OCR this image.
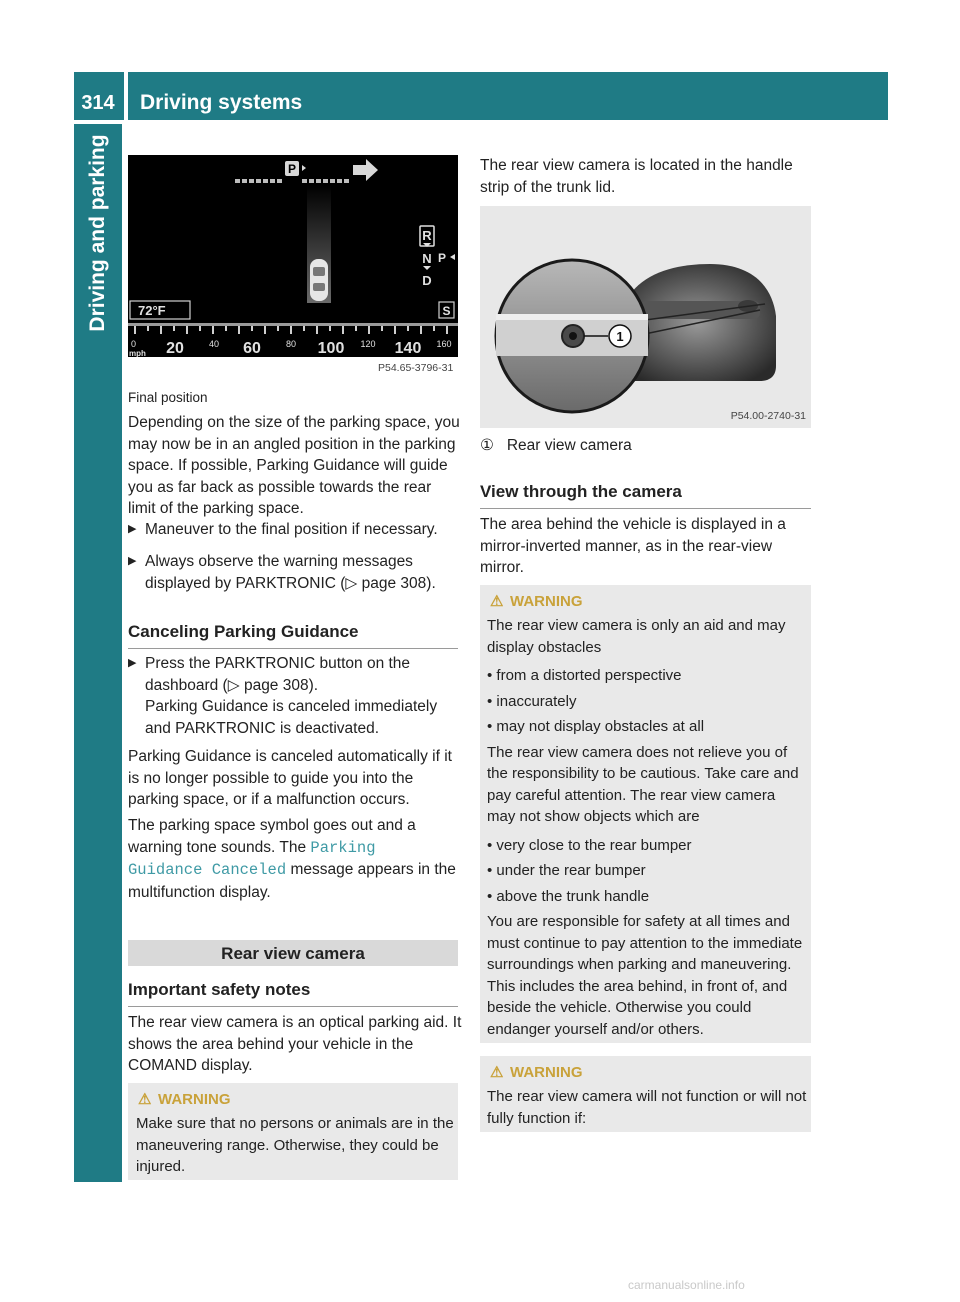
314	Driving systems
Driving and parking	P
R
N P
D
72°F	S
0
mph 20	40 60	80 100 120 140 160
P54.65-3796-31

Final position

Depending on the size of the parking space, you may now be in an angled position in the parking space. If possible, Parking Guidance will guide you as far back as possible towards the rear limit of the parking space.

▶ Maneuver to the final position if necessary.
▶ Always observe the warning messages displayed by PARKTRONIC (▷ page 308).
Canceling Parking Guidance
▶ Press the PARKTRONIC button on the dashboard (▷ page 308).
Parking Guidance is canceled immediately and PARKTRONIC is deactivated.

Parking Guidance is canceled automatically if it is no longer possible to guide you into the parking space, or if a malfunction occurs.

The parking space symbol goes out and a warning tone sounds. The Parking
Guidance Canceled message appears in the multifunction display.

Rear view camera
Important safety notes

The rear view camera is an optical parking aid. It shows the area behind your vehicle in the COMAND display.

⚠ WARNING

Make sure that no persons or animals are in the maneuvering range. Otherwise, they could be injured.

The rear view camera is located in the handle strip of the trunk lid.

1
P54.00-2740-31

① Rear view camera

View through the camera

The area behind the vehicle is displayed in a mirror-inverted manner, as in the rear-view mirror.

⚠ WARNING
The rear view camera is only an aid and may display obstacles
• from a distorted perspective
• inaccurately
• may not display obstacles at all
The rear view camera does not relieve you of the responsibility to be cautious. Take care and pay careful attention. The rear view camera may not show objects which are
• very close to the rear bumper
• under the rear bumper
• above the trunk handle
You are responsible for safety at all times and must continue to pay attention to the immediate surroundings when parking and maneuvering. This includes the area behind, in front of, and beside the vehicle. Otherwise you could endanger yourself and/or others.
⚠ WARNING

The rear view camera will not function or will not fully function if:

carmanualsonline.info
